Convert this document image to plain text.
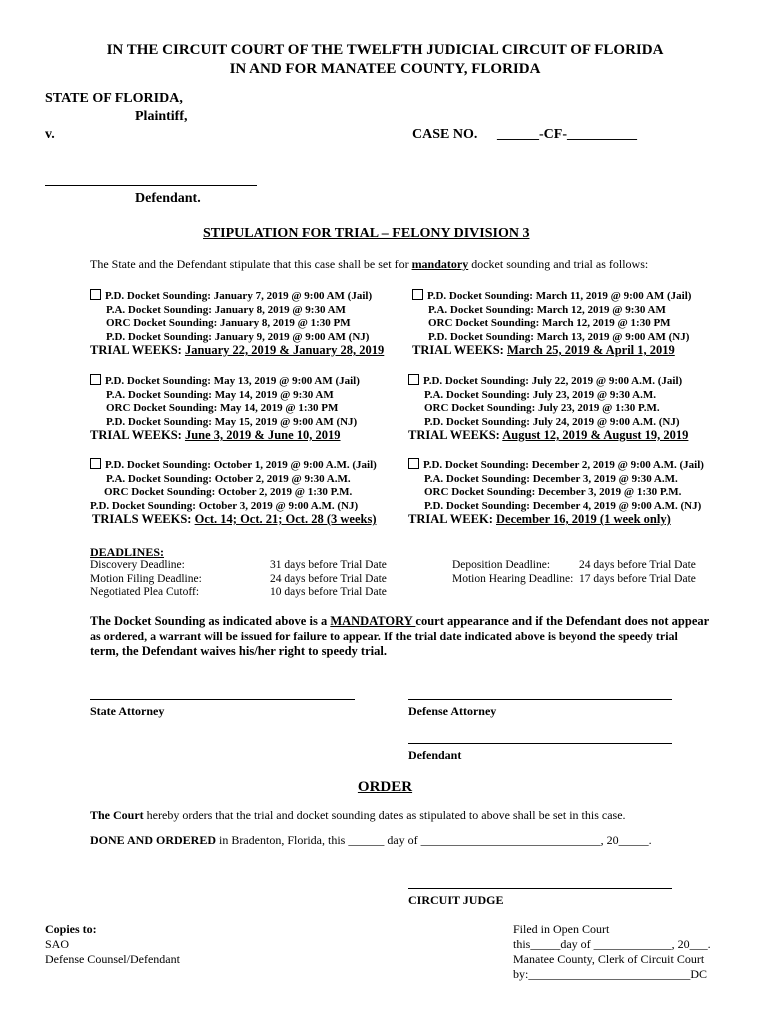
IN THE CIRCUIT COURT OF THE TWELFTH JUDICIAL CIRCUIT OF FLORIDA
IN AND FOR MANATEE COUNTY, FLORIDA
STATE OF FLORIDA,
Plaintiff,
v.	CASE NO. ______-CF-__________
Defendant.
STIPULATION FOR TRIAL – FELONY DIVISION 3
The State and the Defendant stipulate that this case shall be set for mandatory docket sounding and trial as follows:
P.D. Docket Sounding: January 7, 2019 @ 9:00 AM (Jail)
P.A. Docket Sounding: January 8, 2019 @ 9:30 AM
ORC Docket Sounding: January 8, 2019 @ 1:30 PM
P.D. Docket Sounding: January 9, 2019 @ 9:00 AM (NJ)
TRIAL WEEKS: January 22, 2019 & January 28, 2019
P.D. Docket Sounding: March 11, 2019 @ 9:00 AM (Jail)
P.A. Docket Sounding: March 12, 2019 @ 9:30 AM
ORC Docket Sounding: March 12, 2019 @ 1:30 PM
P.D. Docket Sounding: March 13, 2019 @ 9:00 AM (NJ)
TRIAL WEEKS: March 25, 2019 & April 1, 2019
P.D. Docket Sounding: May 13, 2019 @ 9:00 AM (Jail)
P.A. Docket Sounding: May 14, 2019 @ 9:30 AM
ORC Docket Sounding: May 14, 2019 @ 1:30 PM
P.D. Docket Sounding: May 15, 2019 @ 9:00 AM (NJ)
TRIAL WEEKS: June 3, 2019 & June 10, 2019
P.D. Docket Sounding: July 22, 2019 @ 9:00 A.M. (Jail)
P.A. Docket Sounding: July 23, 2019 @ 9:30 A.M.
ORC Docket Sounding: July 23, 2019 @ 1:30 P.M.
P.D. Docket Sounding: July 24, 2019 @ 9:00 A.M. (NJ)
TRIAL WEEKS: August 12, 2019 & August 19, 2019
P.D. Docket Sounding: October 1, 2019 @ 9:00 A.M. (Jail)
P.A. Docket Sounding: October 2, 2019 @ 9:30 A.M.
ORC Docket Sounding: October 2, 2019 @ 1:30 P.M.
P.D. Docket Sounding: October 3, 2019 @ 9:00 A.M. (NJ)
TRIALS WEEKS: Oct. 14; Oct. 21; Oct. 28 (3 weeks)
P.D. Docket Sounding: December 2, 2019 @ 9:00 A.M. (Jail)
P.A. Docket Sounding: December 3, 2019 @ 9:30 A.M.
ORC Docket Sounding: December 3, 2019 @ 1:30 P.M.
P.D. Docket Sounding: December 4, 2019 @ 9:00 A.M. (NJ)
TRIAL WEEK: December 16, 2019 (1 week only)
DEADLINES:
Discovery Deadline:
Motion Filing Deadline:
Negotiated Plea Cutoff:
31 days before Trial Date
24 days before Trial Date
10 days before Trial Date
Deposition Deadline:
Motion Hearing Deadline:
24 days before Trial Date
17 days before Trial Date
The Docket Sounding as indicated above is a MANDATORY court appearance and if the Defendant does not appear
as ordered, a warrant will be issued for failure to appear. If the trial date indicated above is beyond the speedy trial
term, the Defendant waives his/her right to speedy trial.
State Attorney	Defense Attorney
Defendant
ORDER
The Court hereby orders that the trial and docket sounding dates as stipulated to above shall be set in this case.
DONE AND ORDERED in Bradenton, Florida, this ______ day of ______________________________, 20_____.
CIRCUIT JUDGE
Copies to:
SAO
Defense Counsel/Defendant
Filed in Open Court
this_____day of _____________, 20___.
Manatee County, Clerk of Circuit Court
by:___________________________DC
